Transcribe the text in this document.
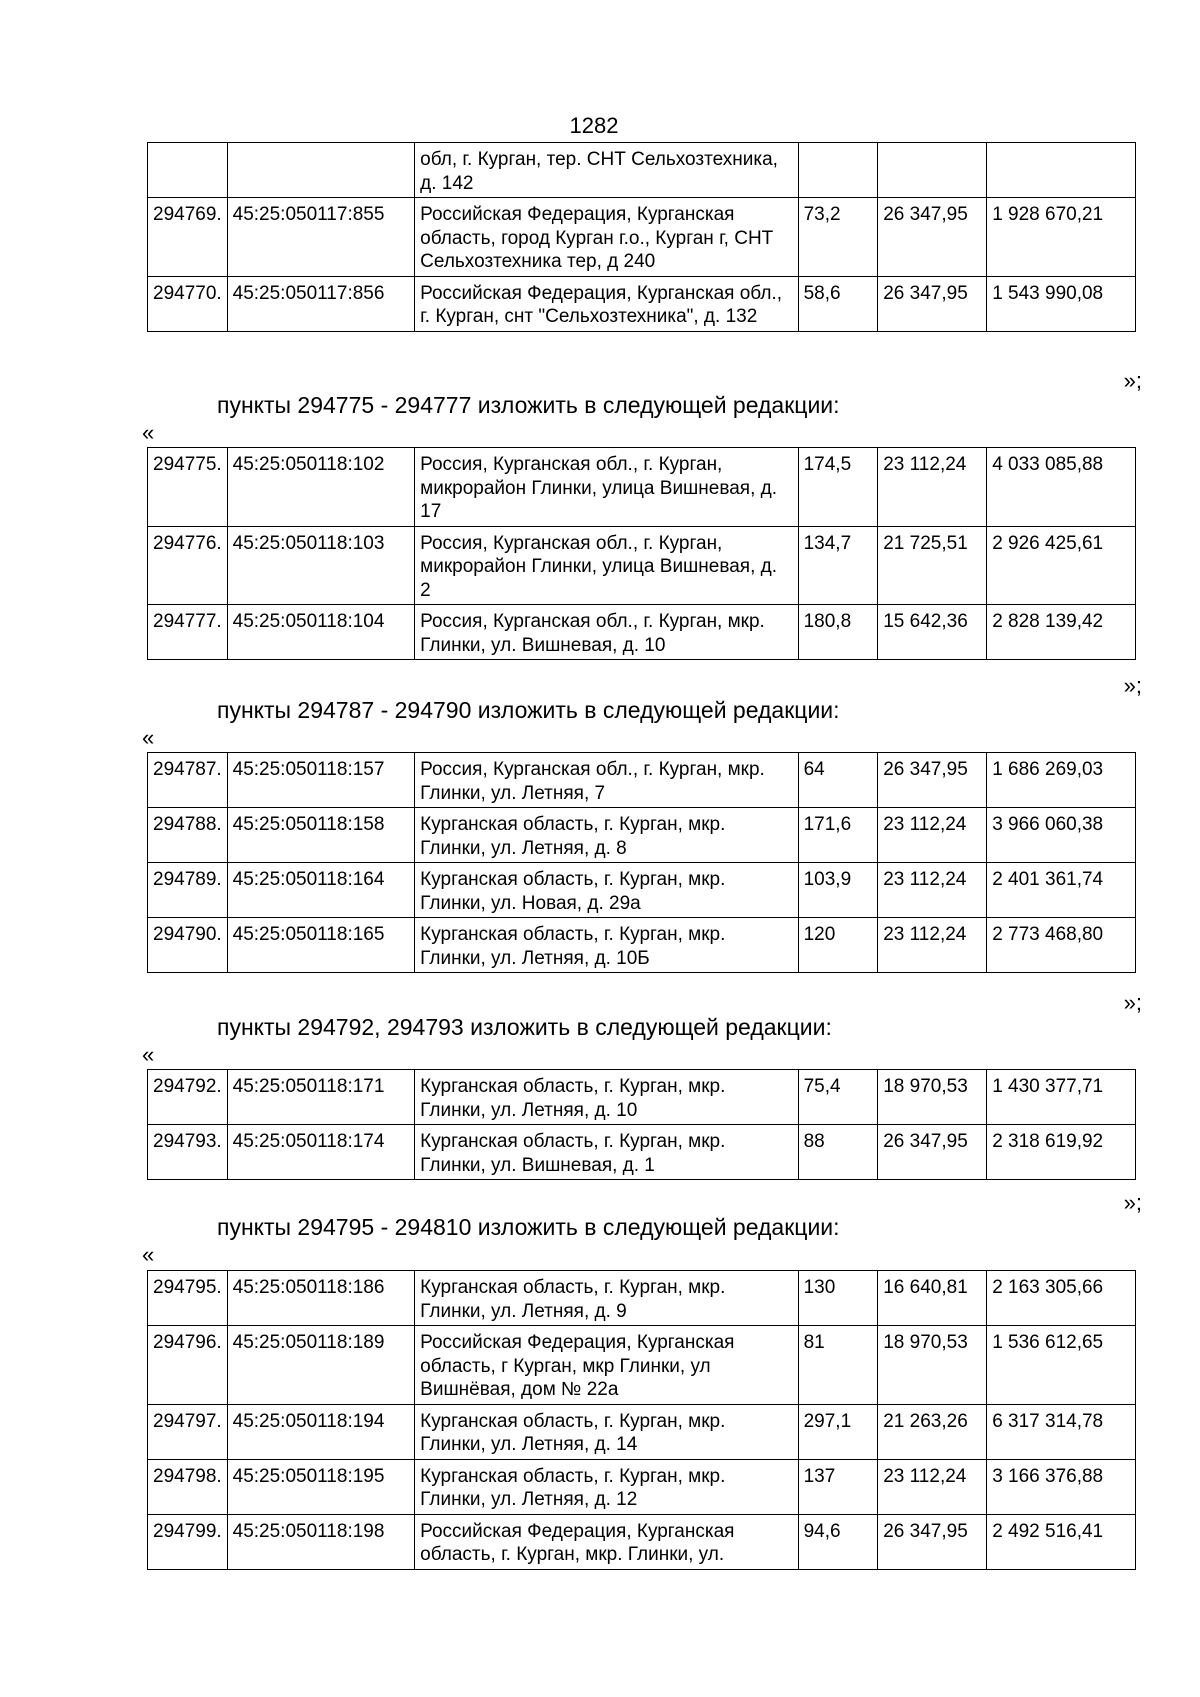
1282
		обл, г. Курган, тер. СНТ Сельхозтехника, д. 142			
294769.	45:25:050117:855	Российская Федерация, Курганская область, город Курган г.о., Курган г, СНТ Сельхозтехника тер, д 240	73,2	26 347,95	1 928 670,21
294770.	45:25:050117:856	Российская Федерация, Курганская обл., г. Курган, снт "Сельхозтехника", д. 132	58,6	26 347,95	1 543 990,08
»;
пункты 294775 - 294777 изложить в следующей редакции:
«
294775.	45:25:050118:102	Россия, Курганская обл., г. Курган, микрорайон Глинки, улица Вишневая, д. 17	174,5	23 112,24	4 033 085,88
294776.	45:25:050118:103	Россия, Курганская обл., г. Курган, микрорайон Глинки, улица Вишневая, д. 2	134,7	21 725,51	2 926 425,61
294777.	45:25:050118:104	Россия, Курганская обл., г. Курган, мкр. Глинки, ул. Вишневая, д. 10	180,8	15 642,36	2 828 139,42
»;
пункты 294787 - 294790 изложить в следующей редакции:
«
294787.	45:25:050118:157	Россия, Курганская обл., г. Курган, мкр. Глинки, ул. Летняя, 7	64	26 347,95	1 686 269,03
294788.	45:25:050118:158	Курганская область, г. Курган, мкр. Глинки, ул. Летняя, д. 8	171,6	23 112,24	3 966 060,38
294789.	45:25:050118:164	Курганская область, г. Курган, мкр. Глинки, ул. Новая, д. 29а	103,9	23 112,24	2 401 361,74
294790.	45:25:050118:165	Курганская область, г. Курган, мкр. Глинки, ул. Летняя, д. 10Б	120	23 112,24	2 773 468,80
»;
пункты 294792, 294793 изложить в следующей редакции:
«
294792.	45:25:050118:171	Курганская область, г. Курган, мкр. Глинки, ул. Летняя, д. 10	75,4	18 970,53	1 430 377,71
294793.	45:25:050118:174	Курганская область, г. Курган, мкр. Глинки, ул. Вишневая, д. 1	88	26 347,95	2 318 619,92
»;
пункты 294795 - 294810 изложить в следующей редакции:
«
294795.	45:25:050118:186	Курганская область, г. Курган, мкр. Глинки, ул. Летняя, д. 9	130	16 640,81	2 163 305,66
294796.	45:25:050118:189	Российская Федерация, Курганская область, г Курган, мкр Глинки, ул Вишнёвая, дом № 22а	81	18 970,53	1 536 612,65
294797.	45:25:050118:194	Курганская область, г. Курган, мкр. Глинки, ул. Летняя, д. 14	297,1	21 263,26	6 317 314,78
294798.	45:25:050118:195	Курганская область, г. Курган, мкр. Глинки, ул. Летняя, д. 12	137	23 112,24	3 166 376,88
294799.	45:25:050118:198	Российская Федерация, Курганская область, г. Курган, мкр. Глинки, ул.	94,6	26 347,95	2 492 516,41
